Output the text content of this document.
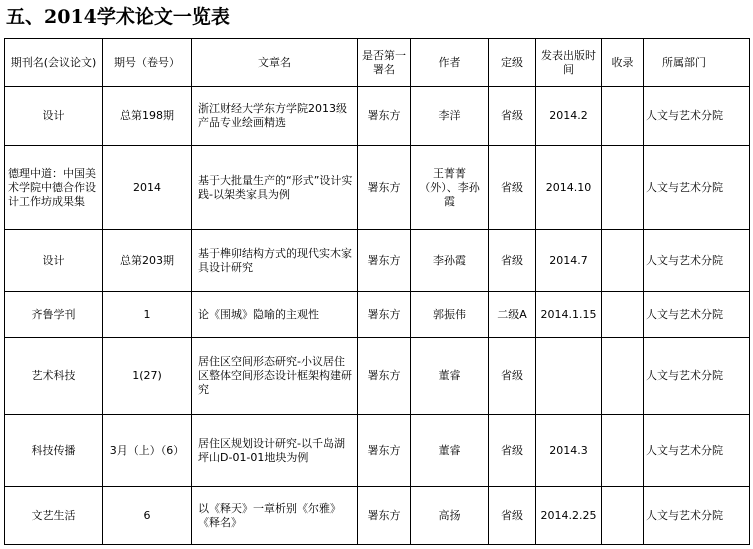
五、2014学术论文一览表
期刊名(会议论文)	期号（卷号）	文章名	是否第一署名	作者	定级	发表出版时间	收录	所属部门
设计	总第198期	浙江财经大学东方学院2013级产品专业绘画精选	署东方	李洋	省级	2014.2		人文与艺术分院
德理中道：中国美术学院中德合作设计工作坊成果集	2014	基于大批量生产的“形式”设计实践-以架类家具为例	署东方	王菁菁（外）、李孙霞	省级	2014.10		人文与艺术分院
设计	总第203期	基于榫卯结构方式的现代实木家具设计研究	署东方	李孙霞	省级	2014.7		人文与艺术分院
齐鲁学刊	1	论《围城》隐喻的主观性	署东方	郭振伟	二级A	2014.1.15		人文与艺术分院
艺术科技	1(27)	居住区空间形态研究-小议居住区整体空间形态设计框架构建研究	署东方	董睿	省级			人文与艺术分院
科技传播	3月（上）（6）	居住区规划设计研究-以千岛湖坪山D-01-01地块为例	署东方	董睿	省级	2014.3		人文与艺术分院
文艺生活	6	以《释天》一章析别《尔雅》《释名》	署东方	高扬	省级	2014.2.25		人文与艺术分院
